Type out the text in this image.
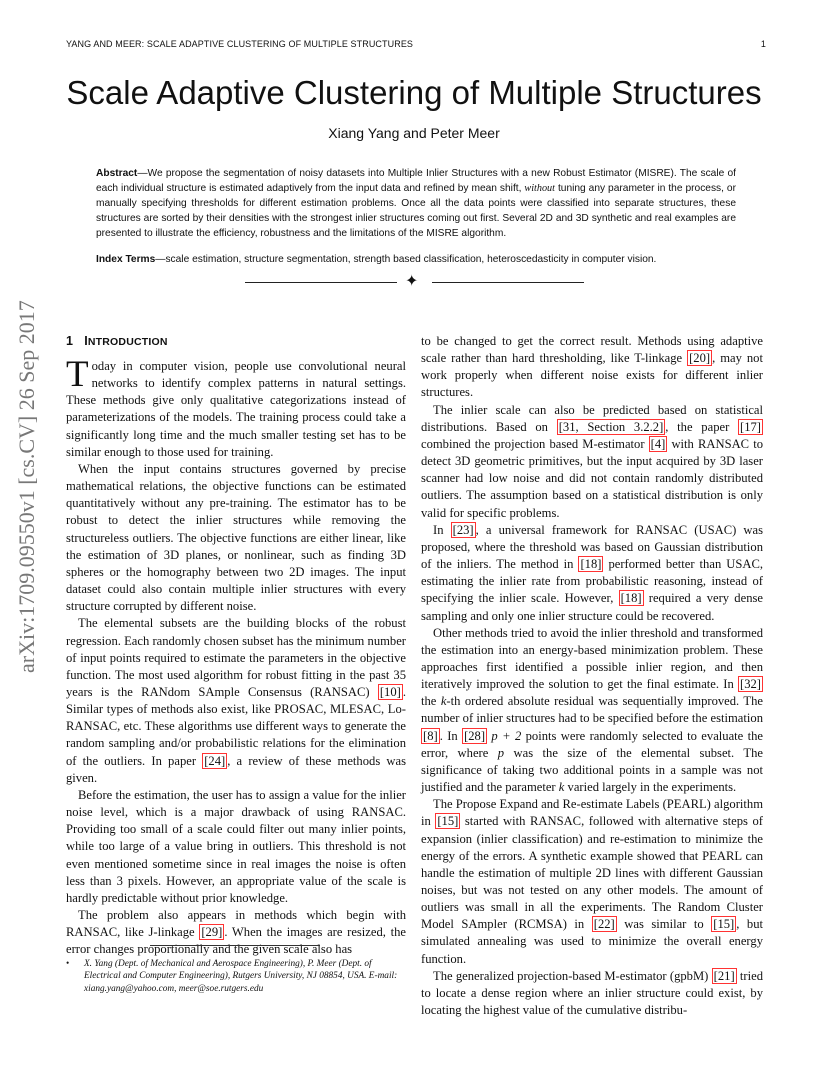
YANG AND MEER: SCALE ADAPTIVE CLUSTERING OF MULTIPLE STRUCTURES	1
Scale Adaptive Clustering of Multiple Structures
Xiang Yang and Peter Meer
Abstract—We propose the segmentation of noisy datasets into Multiple Inlier Structures with a new Robust Estimator (MISRE). The scale of each individual structure is estimated adaptively from the input data and refined by mean shift, without tuning any parameter in the process, or manually specifying thresholds for different estimation problems. Once all the data points were classified into separate structures, these structures are sorted by their densities with the strongest inlier structures coming out first. Several 2D and 3D synthetic and real examples are presented to illustrate the efficiency, robustness and the limitations of the MISRE algorithm.
Index Terms—scale estimation, structure segmentation, strength based classification, heteroscedasticity in computer vision.
✦
arXiv:1709.09550v1 [cs.CV] 26 Sep 2017 1 INTRODUCTION

Today in computer vision, people use convolutional neural networks to identify complex patterns in natural settings. These methods give only qualitative categorizations instead of parameterizations of the models. The training process could take a significantly long time and the much smaller testing set has to be similar enough to those used for training.

When the input contains structures governed by precise mathematical relations, the objective functions can be estimated quantitatively without any pre-training. The estimator has to be robust to detect the inlier structures while removing the structureless outliers. The objective functions are either linear, like the estimation of 3D planes, or nonlinear, such as finding 3D spheres or the homography between two 2D images. The input dataset could also contain multiple inlier structures with every structure corrupted by different noise.

The elemental subsets are the building blocks of the robust regression. Each randomly chosen subset has the minimum number of input points required to estimate the parameters in the objective function. The most used algorithm for robust fitting in the past 35 years is the RANdom SAmple Consensus (RANSAC) [10] . Similar types of methods also exist, like PROSAC, MLESAC, Lo-RANSAC, etc. These algorithms use different ways to generate the random sampling and/or probabilistic relations for the elimination of the outliers. In paper [24] , a review of these methods was given.

Before the estimation, the user has to assign a value for the inlier noise level, which is a major drawback of using RANSAC. Providing too small of a scale could filter out many inlier points, while too large of a value bring in outliers. This threshold is not even mentioned sometime since in real images the noise is often less than 3 pixels. However, an appropriate value of the scale is hardly predictable without prior knowledge.

The problem also appears in methods which begin with RANSAC, like J-linkage [29] . When the images are resized, the error changes proportionally and the given scale also has

• X. Yang (Dept. of Mechanical and Aerospace Engineering), P. Meer (Dept. of Electrical and Computer Engineering), Rutgers University, NJ 08854, USA. E-mail: xiang.yang@yahoo.com, meer@soe.rutgers.edu

to be changed to get the correct result. Methods using adaptive scale rather than hard thresholding, like T-linkage [20] , may not work properly when different noise exists for different inlier structures.

The inlier scale can also be predicted based on statistical distributions. Based on [31, Section 3.2.2] , the paper [17] combined the projection based M-estimator [4] with RANSAC to detect 3D geometric primitives, but the input acquired by 3D laser scanner had low noise and did not contain randomly distributed outliers. The assumption based on a statistical distribution is only valid for specific problems.

In [23] , a universal framework for RANSAC (USAC) was proposed, where the threshold was based on Gaussian distribution of the inliers. The method in [18] performed better than USAC, estimating the inlier rate from probabilistic reasoning, instead of specifying the inlier scale. However, [18] required a very dense sampling and only one inlier structure could be recovered.

Other methods tried to avoid the inlier threshold and transformed the estimation into an energy-based minimization problem. These approaches first identified a possible inlier region, and then iteratively improved the solution to get the final estimate. In [32] the k-th ordered absolute residual was sequentially improved. The number of inlier structures had to be specified before the estimation [8] . In [28] p + 2 points were randomly selected to evaluate the error, where p was the size of the elemental subset. The significance of taking two additional points in a sample was not justified and the parameter k varied largely in the experiments.

The Propose Expand and Re-estimate Labels (PEARL) algorithm in [15] started with RANSAC, followed with alternative steps of expansion (inlier classification) and re-estimation to minimize the energy of the errors. A synthetic example showed that PEARL can handle the estimation of multiple 2D lines with different Gaussian noises, but was not tested on any other models. The amount of outliers was small in all the experiments. The Random Cluster Model SAmpler (RCMSA) in [22] was similar to [15] , but simulated annealing was used to minimize the overall energy function.

The generalized projection-based M-estimator (gpbM) [21] tried to locate a dense region where an inlier structure could exist, by locating the highest value of the cumulative distribu-
